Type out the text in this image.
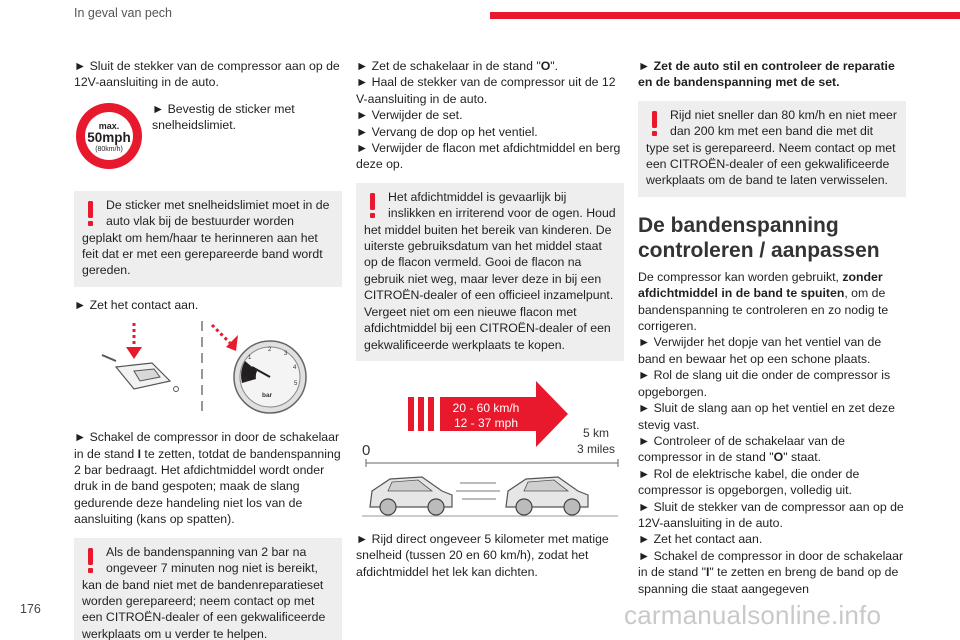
In geval van pech

► Sluit de stekker van de compressor aan op de 12V-aansluiting in de auto.

max.
50mph
(80km/h)

► Bevestig de sticker met snelheidslimiet.

De sticker met snelheidslimiet moet in de auto vlak bij de bestuurder worden geplakt om hem/haar te herinneren aan het feit dat er met een gerepareerde band wordt gereden.

► Zet het contact aan.

0
1
2
3
4
5
bar

► Schakel de compressor in door de schakelaar in de stand I te zetten, totdat de bandenspanning 2 bar bedraagt. Het afdichtmiddel wordt onder druk in de band gespoten; maak de slang gedurende deze handeling niet los van de aansluiting (kans op spatten).

Als de bandenspanning van 2 bar na ongeveer 7 minuten nog niet is bereikt, kan de band niet met de bandenreparatieset worden gerepareerd; neem contact op met een CITROËN-dealer of een gekwalificeerde werkplaats om u verder te helpen.

► Zet de schakelaar in de stand "O".

► Haal de stekker van de compressor uit de 12 V-aansluiting in de auto.

► Verwijder de set.

► Vervang de dop op het ventiel.

► Verwijder de flacon met afdichtmiddel en berg deze op.

Het afdichtmiddel is gevaarlijk bij inslikken en irriterend voor de ogen. Houd het middel buiten het bereik van kinderen. De uiterste gebruiksdatum van het middel staat op de flacon vermeld. Gooi de flacon na gebruik niet weg, maar lever deze in bij een CITROËN-dealer of een officieel inzamelpunt. Vergeet niet om een nieuwe flacon met afdichtmiddel bij een CITROËN-dealer of een gekwalificeerde werkplaats te kopen.
20 - 60 km/h
12 - 37 mph
0
5 km
3 miles

► Rijd direct ongeveer 5 kilometer met matige snelheid (tussen 20 en 60 km/h), zodat het afdichtmiddel het lek kan dichten.

► Zet de auto stil en controleer de reparatie en de bandenspanning met de set.

Rijd niet sneller dan 80 km/h en niet meer dan 200 km met een band die met dit type set is gerepareerd. Neem contact op met een CITROËN-dealer of een gekwalificeerde werkplaats om de band te laten verwisselen.
De bandenspanning controleren / aanpassen

De compressor kan worden gebruikt, zonder afdichtmiddel in de band te spuiten, om de bandenspanning te controleren en zo nodig te corrigeren.

► Verwijder het dopje van het ventiel van de band en bewaar het op een schone plaats.

► Rol de slang uit die onder de compressor is opgeborgen.

► Sluit de slang aan op het ventiel en zet deze stevig vast.

► Controleer of de schakelaar van de compressor in de stand "O" staat.

► Rol de elektrische kabel, die onder de compressor is opgeborgen, volledig uit.

► Sluit de stekker van de compressor aan op de 12V-aansluiting in de auto.

► Zet het contact aan.

► Schakel de compressor in door de schakelaar in de stand "I" te zetten en breng de band op de spanning die staat aangegeven

176	carmanualsonline.info
